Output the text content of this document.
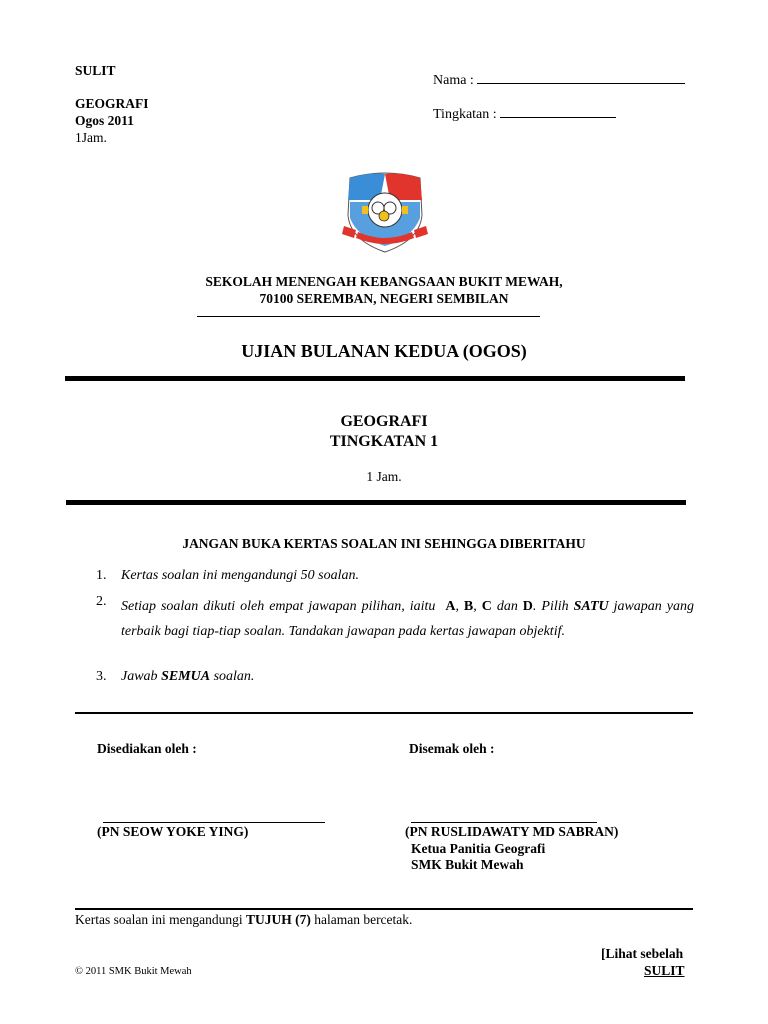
SULIT
GEOGRAFI
Ogos 2011
1Jam.
Nama :
Tingkatan :
SEKOLAH MENENGAH KEBANGSAAN BUKIT MEWAH,
70100 SEREMBAN, NEGERI SEMBILAN
UJIAN BULANAN KEDUA (OGOS)
GEOGRAFI
TINGKATAN 1
1 Jam.
JANGAN BUKA KERTAS SOALAN INI SEHINGGA DIBERITAHU
1. Kertas soalan ini mengandungi 50 soalan.
2. Setiap soalan dikuti oleh empat jawapan pilihan, iaitu A, B, C dan D. Pilih SATU jawapan yang terbaik bagi tiap-tiap soalan. Tandakan jawapan pada kertas jawapan objektif.
3. Jawab SEMUA soalan.
Disediakan oleh :	Disemak oleh :
(PN SEOW YOKE YING)	(PN RUSLIDAWATY MD SABRAN)
Ketua Panitia Geografi
SMK Bukit Mewah
Kertas soalan ini mengandungi TUJUH (7) halaman bercetak.
[Lihat sebelah
© 2011 SMK Bukit Mewah	SULIT
